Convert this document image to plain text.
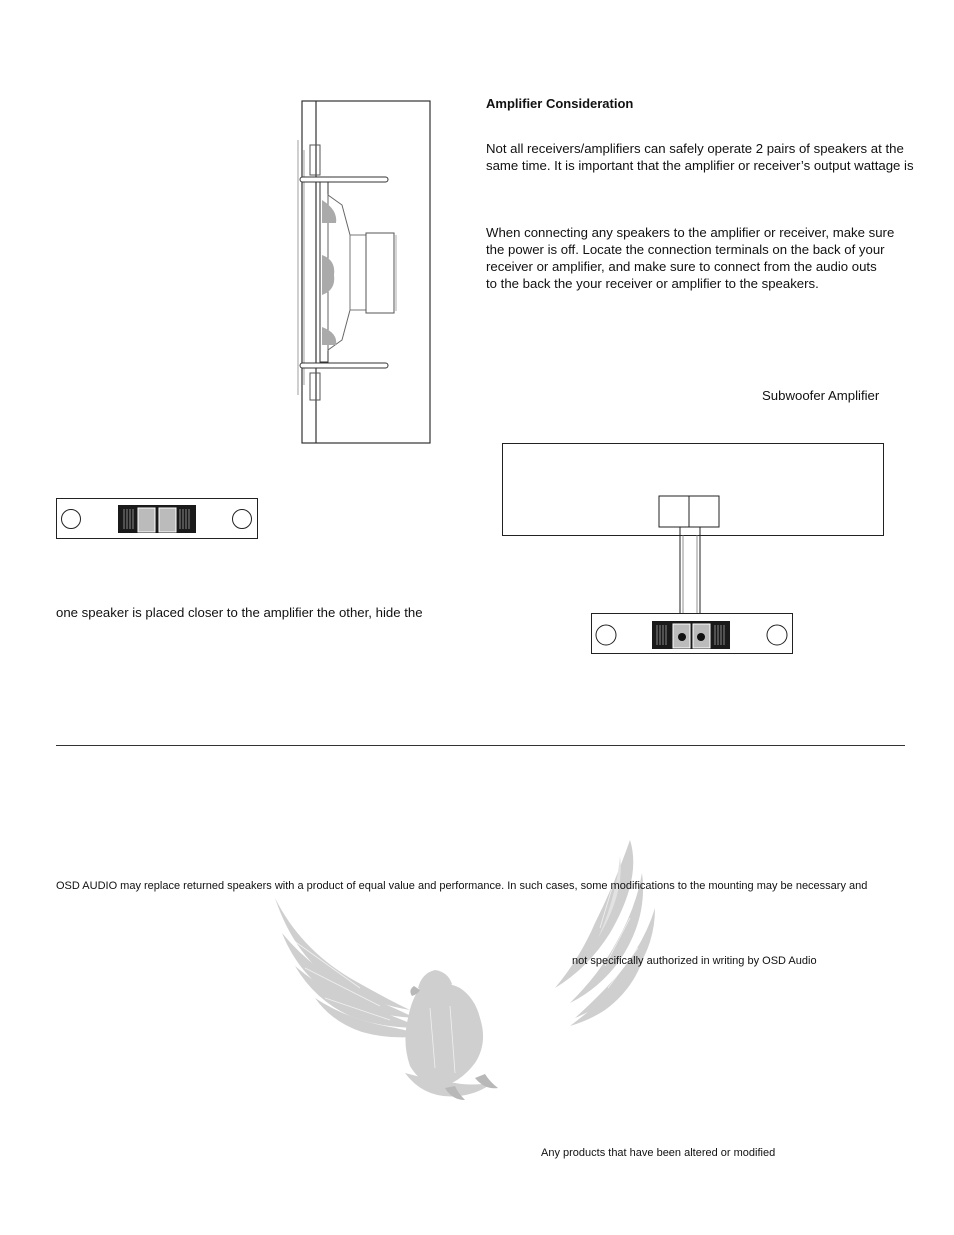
one speaker is placed closer to the amplifier the other, hide the

Amplifier Consideration

Not all receivers/amplifiers can safely operate 2 pairs of speakers at the

same time. It is important that the amplifier or receiver’s output wattage is

When connecting any speakers to the amplifier or receiver, make sure

the power is off. Locate the connection terminals on the back of your

receiver or amplifier, and make sure to connect from the audio outs

to the back the your receiver or amplifier to the speakers.

Subwoofer Amplifier

OSD AUDIO may replace returned speakers with a product of equal value and performance. In such cases, some modifications to the mounting may be necessary and

not specifically authorized in writing by OSD Audio

Any products that have been altered or modified
